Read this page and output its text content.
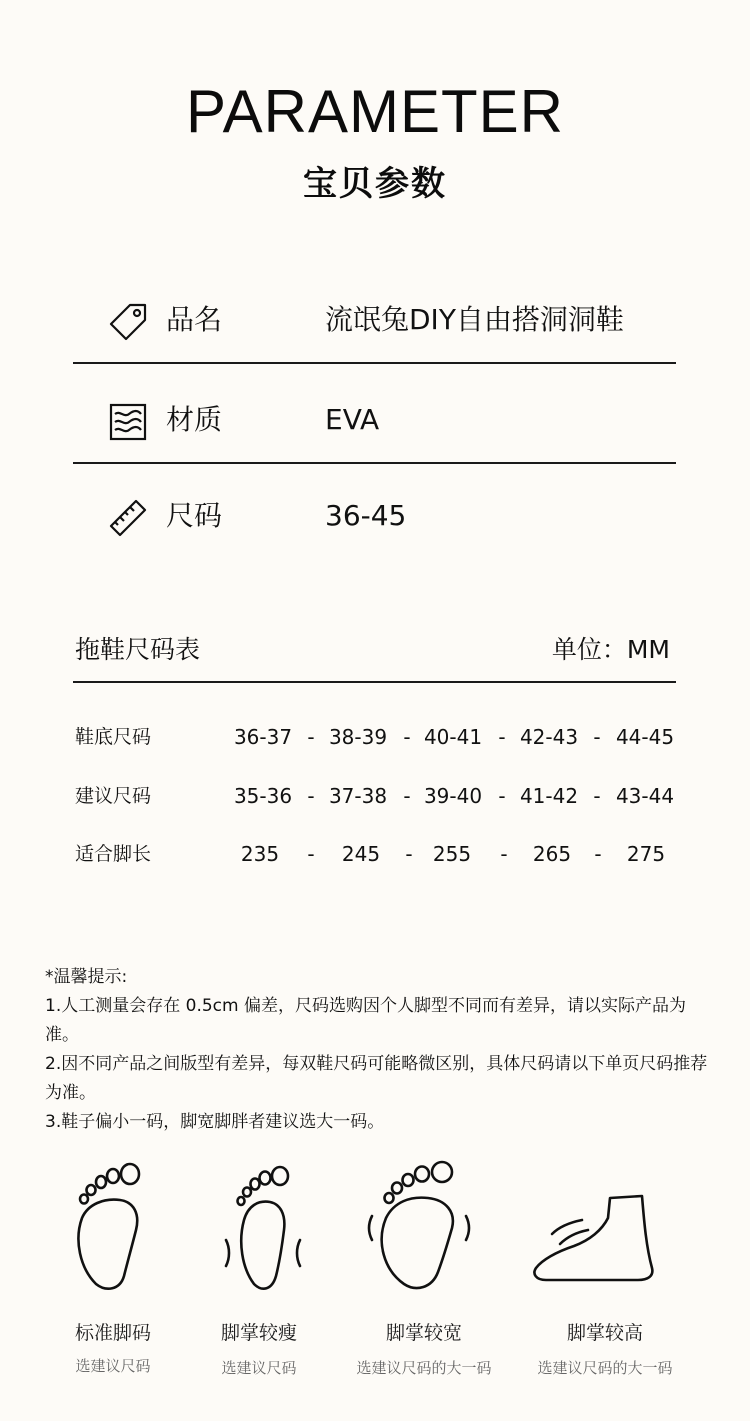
PARAMETER
宝贝参数
品名	流氓兔DIY自由搭洞洞鞋
材质	EVA
尺码	36-45
拖鞋尺码表	单位：MM
鞋底尺码	36-37 - 38-39 - 40-41 - 42-43 - 44-45
建议尺码	35-36 - 37-38 - 39-40 - 41-42 - 43-44
适合脚长	235	-	245	-	255	-	265	-	275

*温馨提示:

1.人工测量会存在 0.5cm 偏差，尺码选购因个人脚型不同而有差异，请以实际产品为准。

2.因不同产品之间版型有差异，每双鞋尺码可能略微区别，具体尺码请以下单页尺码推荐为准。

3.鞋子偏小一码，脚宽脚胖者建议选大一码。

标准脚码
选建议尺码
脚掌较瘦
选建议尺码
脚掌较宽
选建议尺码的大一码
脚掌较高
选建议尺码的大一码
